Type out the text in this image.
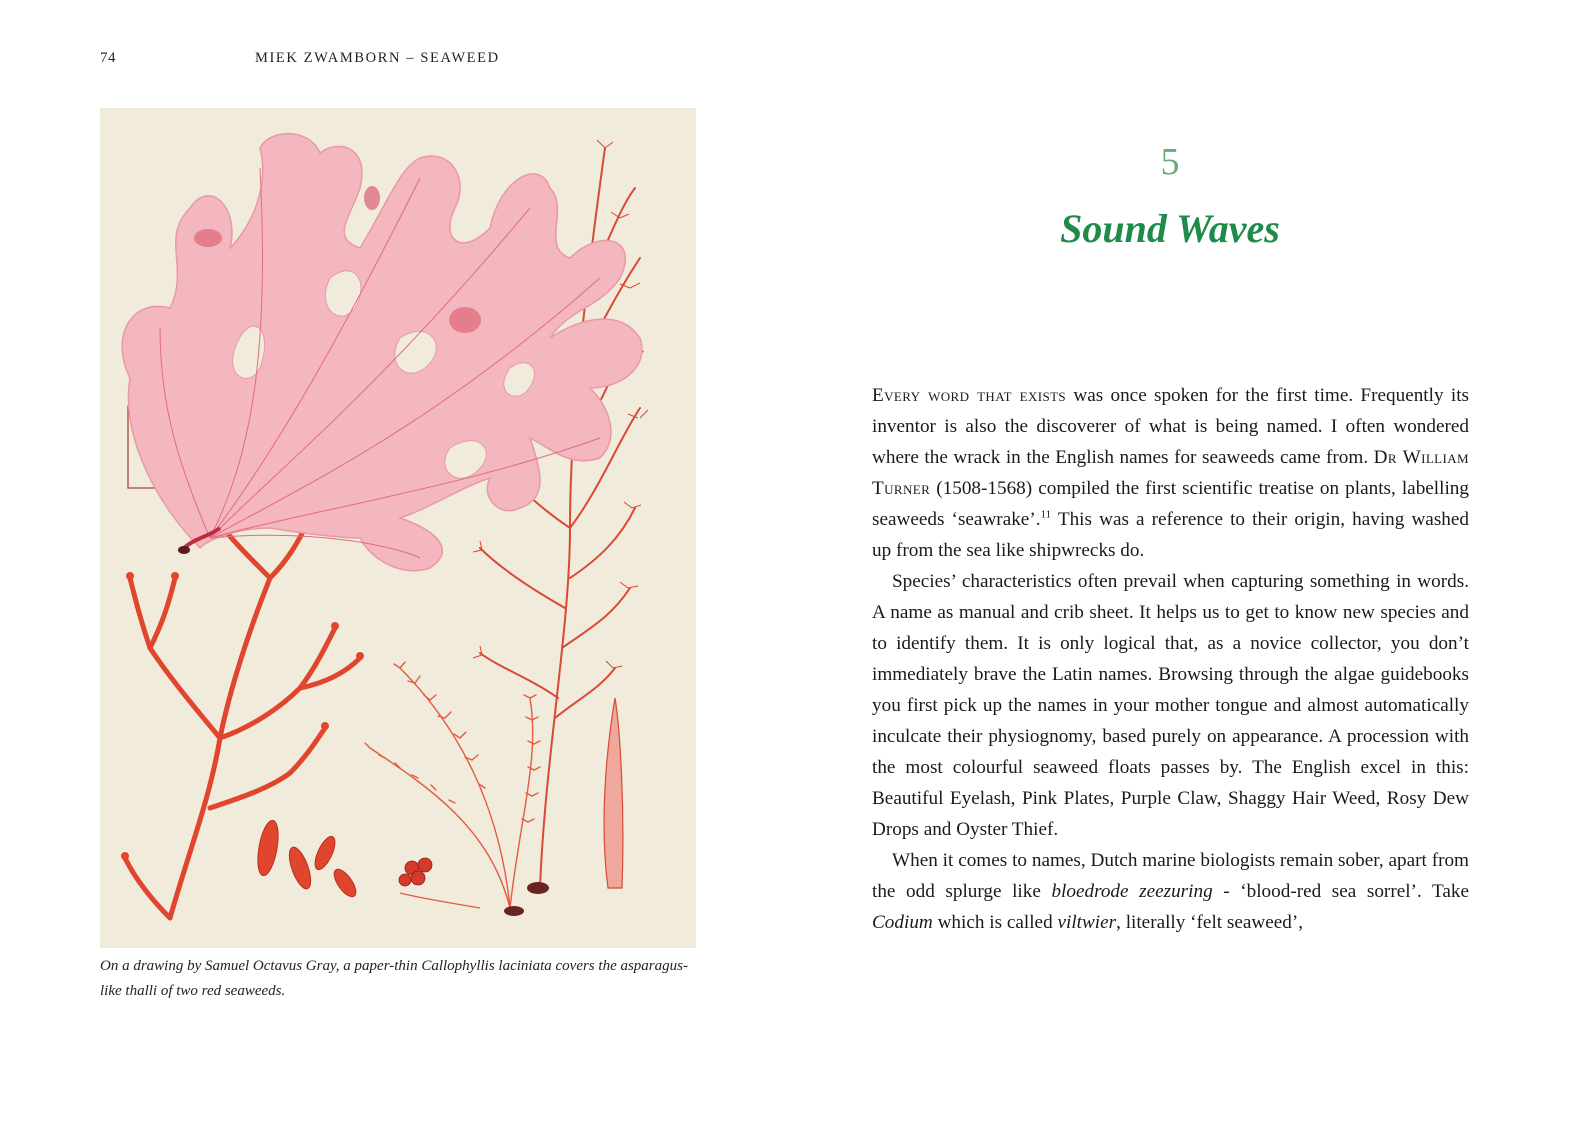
74	MIEK ZWAMBORN – SEAWEED
On a drawing by Samuel Octavus Gray, a paper-thin Callophyllis laciniata covers the asparagus-like thalli of two red seaweeds.
5
Sound Waves

Every word that exists was once spoken for the first time. Frequently its inventor is also the discoverer of what is being named. I often wondered where the wrack in the English names for seaweeds came from. Dr William Turner (1508-1568) compiled the first scientific treatise on plants, labelling seaweeds ‘seawrake’.$^{11}$ This was a reference to their origin, having washed up from the sea like shipwrecks do.

Species’ characteristics often prevail when capturing something in words. A name as manual and crib sheet. It helps us to get to know new species and to identify them. It is only logical that, as a novice collector, you don’t immediately brave the Latin names. Browsing through the algae guidebooks you first pick up the names in your mother tongue and almost automatically inculcate their physiognomy, based purely on appearance. A procession with the most colourful seaweed floats passes by. The English excel in this: Beautiful Eyelash, Pink Plates, Purple Claw, Shaggy Hair Weed, Rosy Dew Drops and Oyster Thief.

When it comes to names, Dutch marine biologists remain sober, apart from the odd splurge like bloedrode zeezuring - ‘blood-red sea sorrel’. Take Codium which is called viltwier, literally ‘felt seaweed’,
